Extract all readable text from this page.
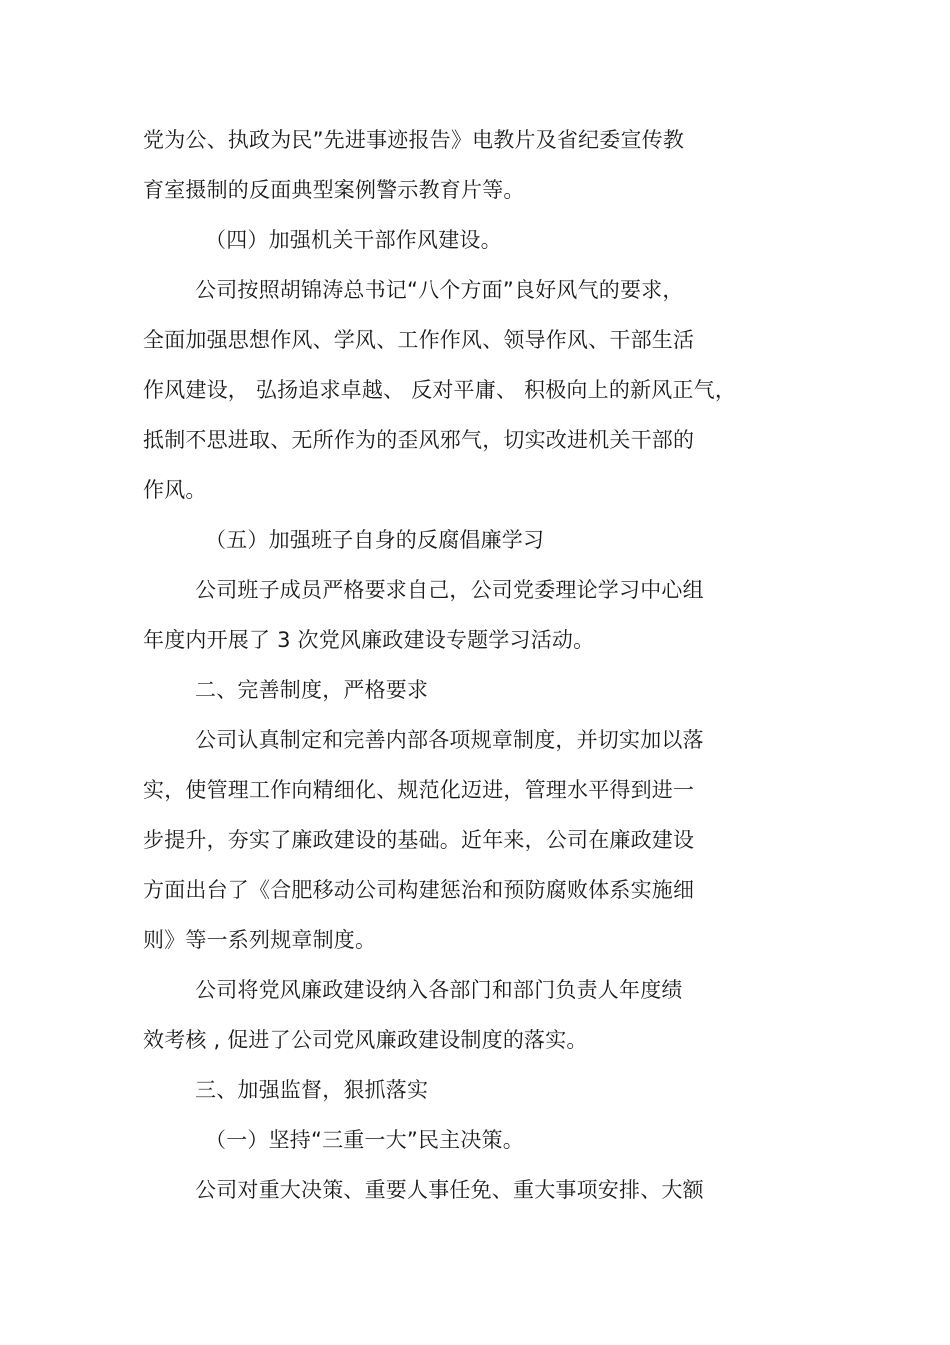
党为公、执政为民”先进事迹报告》电教片及省纪委宣传教
育室摄制的反面典型案例警示教育片等。
（四）加强机关干部作风建设。
公司按照胡锦涛总书记“八个方面”良好风气的要求，
全面加强思想作风、学风、工作作风、领导作风、干部生活
作风建设， 弘扬追求卓越、 反对平庸、 积极向上的新风正气，
抵制不思进取、无所作为的歪风邪气，切实改进机关干部的
作风。
（五）加强班子自身的反腐倡廉学习
公司班子成员严格要求自己，公司党委理论学习中心组
年度内开展了 3 次党风廉政建设专题学习活动。
二、完善制度，严格要求
公司认真制定和完善内部各项规章制度，并切实加以落
实，使管理工作向精细化、规范化迈进，管理水平得到进一
步提升，夯实了廉政建设的基础。近年来，公司在廉政建设
方面出台了《合肥移动公司构建惩治和预防腐败体系实施细
则》等一系列规章制度。
公司将党风廉政建设纳入各部门和部门负责人年度绩
效考核 , 促进了公司党风廉政建设制度的落实。
三、加强监督，狠抓落实
（一）坚持“三重一大”民主决策。
公司对重大决策、重要人事任免、重大事项安排、大额
